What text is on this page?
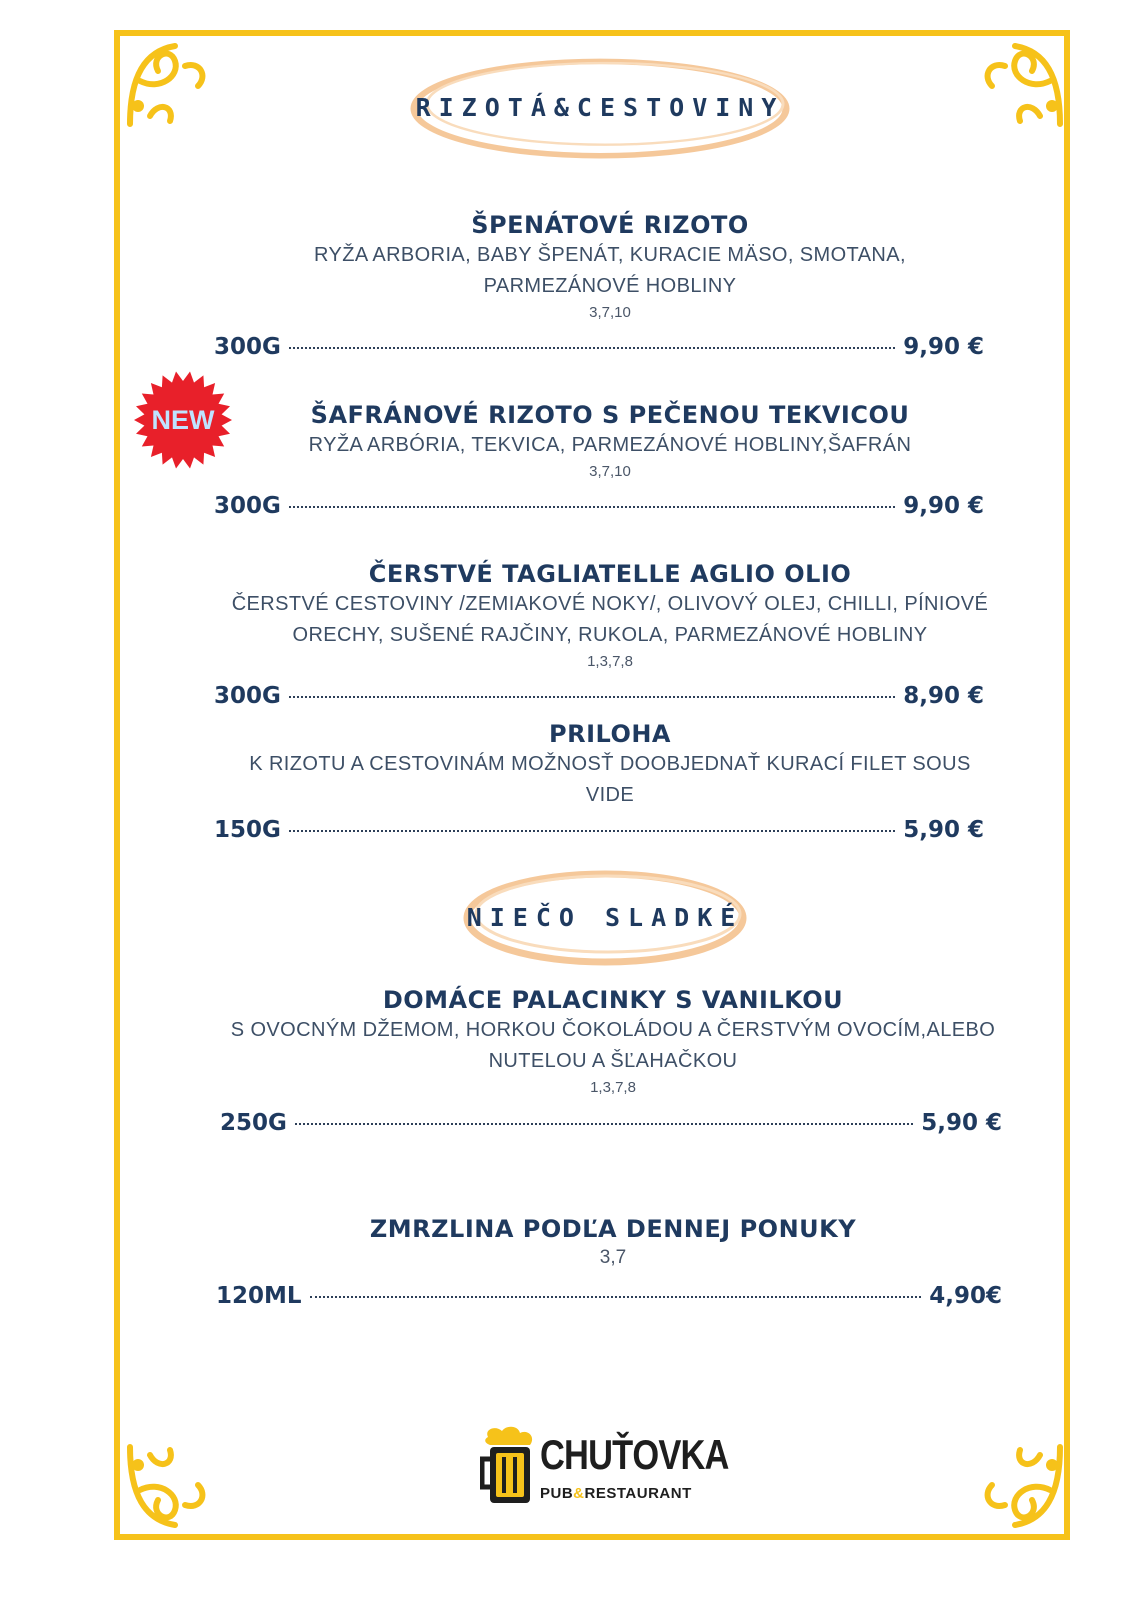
RIZOTÁ&CESTOVINY
ŠPENÁTOVÉ RIZOTO
RYŽA ARBORIA, BABY ŠPENÁT, KURACIE MÄSO, SMOTANA,
PARMEZÁNOVÉ HOBLINY
3,7,10
300G	9,90 €
NEW	ŠAFRÁNOVÉ RIZOTO S PEČENOU TEKVICOU
RYŽA ARBÓRIA, TEKVICA, PARMEZÁNOVÉ HOBLINY,ŠAFRÁN
3,7,10
300G	9,90 €
ČERSTVÉ TAGLIATELLE AGLIO OLIO
ČERSTVÉ CESTOVINY /ZEMIAKOVÉ NOKY/, OLIVOVÝ OLEJ, CHILLI, PÍNIOVÉ
ORECHY, SUŠENÉ RAJČINY, RUKOLA, PARMEZÁNOVÉ HOBLINY
1,3,7,8
300G	8,90 €
PRILOHA
K RIZOTU A CESTOVINÁM MOŽNOSŤ DOOBJEDNAŤ KURACÍ FILET SOUS
VIDE
150G	5,90 €
NIEČO SLADKÉ
DOMÁCE PALACINKY S VANILKOU
S OVOCNÝM DŽEMOM, HORKOU ČOKOLÁDOU A ČERSTVÝM OVOCÍM,ALEBO
NUTELOU A ŠĽAHAČKOU
1,3,7,8
250G	5,90 €
ZMRZLINA PODĽA DENNEJ PONUKY
3,7
120ML	4,90€
CHUŤOVKA
PUB&RESTAURANT
